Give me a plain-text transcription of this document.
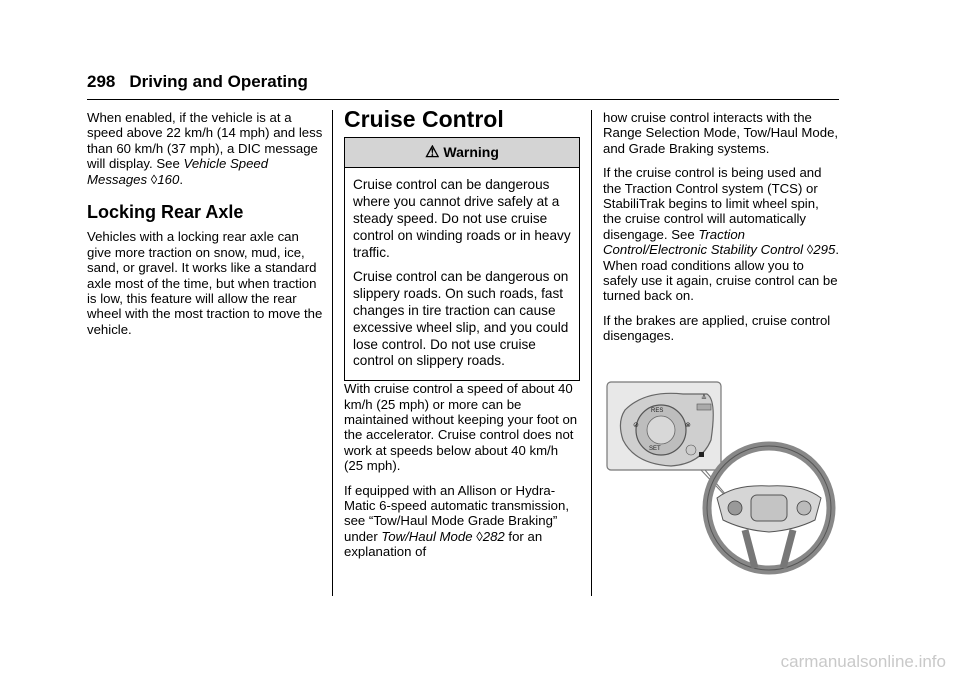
298 Driving and Operating

When enabled, if the vehicle is at a speed above 22 km/h (14 mph) and less than 60 km/h (37 mph), a DIC message will display. See Vehicle Speed Messages ◊160.

Locking Rear Axle

Vehicles with a locking rear axle can give more traction on snow, mud, ice, sand, or gravel. It works like a standard axle most of the time, but when traction is low, this feature will allow the rear wheel with the most traction to move the vehicle.

Cruise Control
⚠ Warning

Cruise control can be dangerous where you cannot drive safely at a steady speed. Do not use cruise control on winding roads or in heavy traffic.

Cruise control can be dangerous on slippery roads. On such roads, fast changes in tire traction can cause excessive wheel slip, and you could lose control. Do not use cruise control on slippery roads.

With cruise control a speed of about 40 km/h (25 mph) or more can be maintained without keeping your foot on the accelerator. Cruise control does not work at speeds below about 40 km/h (25 mph).

If equipped with an Allison or Hydra-Matic 6-speed automatic transmission, see “Tow/Haul Mode Grade Braking” under Tow/Haul Mode ◊282 for an explanation of

how cruise control interacts with the Range Selection Mode, Tow/Haul Mode, and Grade Braking systems.

If the cruise control is being used and the Traction Control system (TCS) or StabiliTrak begins to limit wheel spin, the cruise control will automatically disengage. See Traction Control/Electronic Stability Control ◊295. When road conditions allow you to safely use it again, cruise control can be turned back on.

If the brakes are applied, cruise control disengages.

⊘
RES
⊗
SET
≙
carmanualsonline.info
